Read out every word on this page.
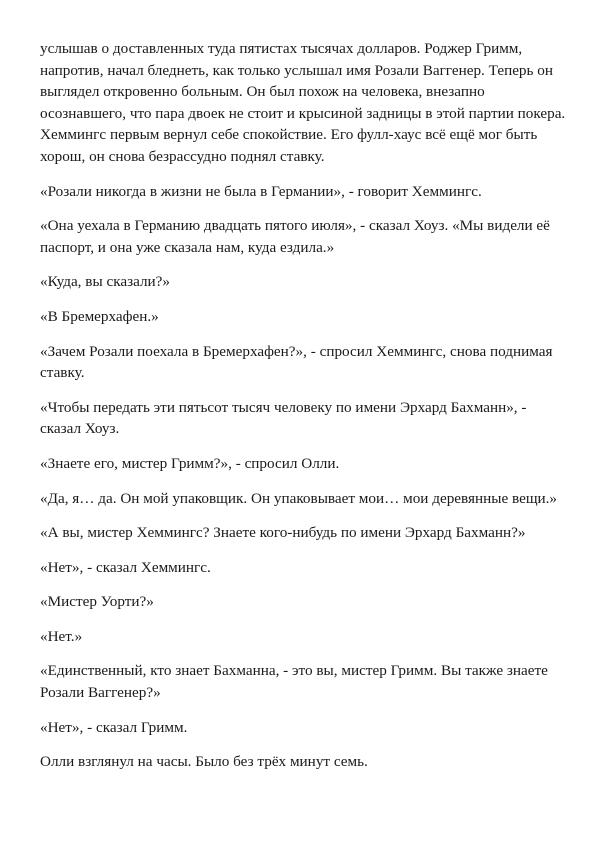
услышав о доставленных туда пятистах тысячах долларов. Роджер Гримм, напротив, начал бледнеть, как только услышал имя Розали Ваггенер. Теперь он выглядел откровенно больным. Он был похож на человека, внезапно осознавшего, что пара двоек не стоит и крысиной задницы в этой партии покера. Хеммингс первым вернул себе спокойствие. Его фулл-хаус всё ещё мог быть хорош, он снова безрассудно поднял ставку.

«Розали никогда в жизни не была в Германии», - говорит Хеммингс.

«Она уехала в Германию двадцать пятого июля», - сказал Хоуз. «Мы видели её паспорт, и она уже сказала нам, куда ездила.»

«Куда, вы сказали?»

«В Бремерхафен.»

«Зачем Розали поехала в Бремерхафен?», - спросил Хеммингс, снова поднимая ставку.

«Чтобы передать эти пятьсот тысяч человеку по имени Эрхард Бахманн», - сказал Хоуз.

«Знаете его, мистер Гримм?», - спросил Олли.

«Да, я… да. Он мой упаковщик. Он упаковывает мои… мои деревянные вещи.»

«А вы, мистер Хеммингс? Знаете кого-нибудь по имени Эрхард Бахманн?»

«Нет», - сказал Хеммингс.

«Мистер Уорти?»

«Нет.»

«Единственный, кто знает Бахманна, - это вы, мистер Гримм. Вы также знаете Розали Ваггенер?»

«Нет», - сказал Гримм.

Олли взглянул на часы. Было без трёх минут семь.
